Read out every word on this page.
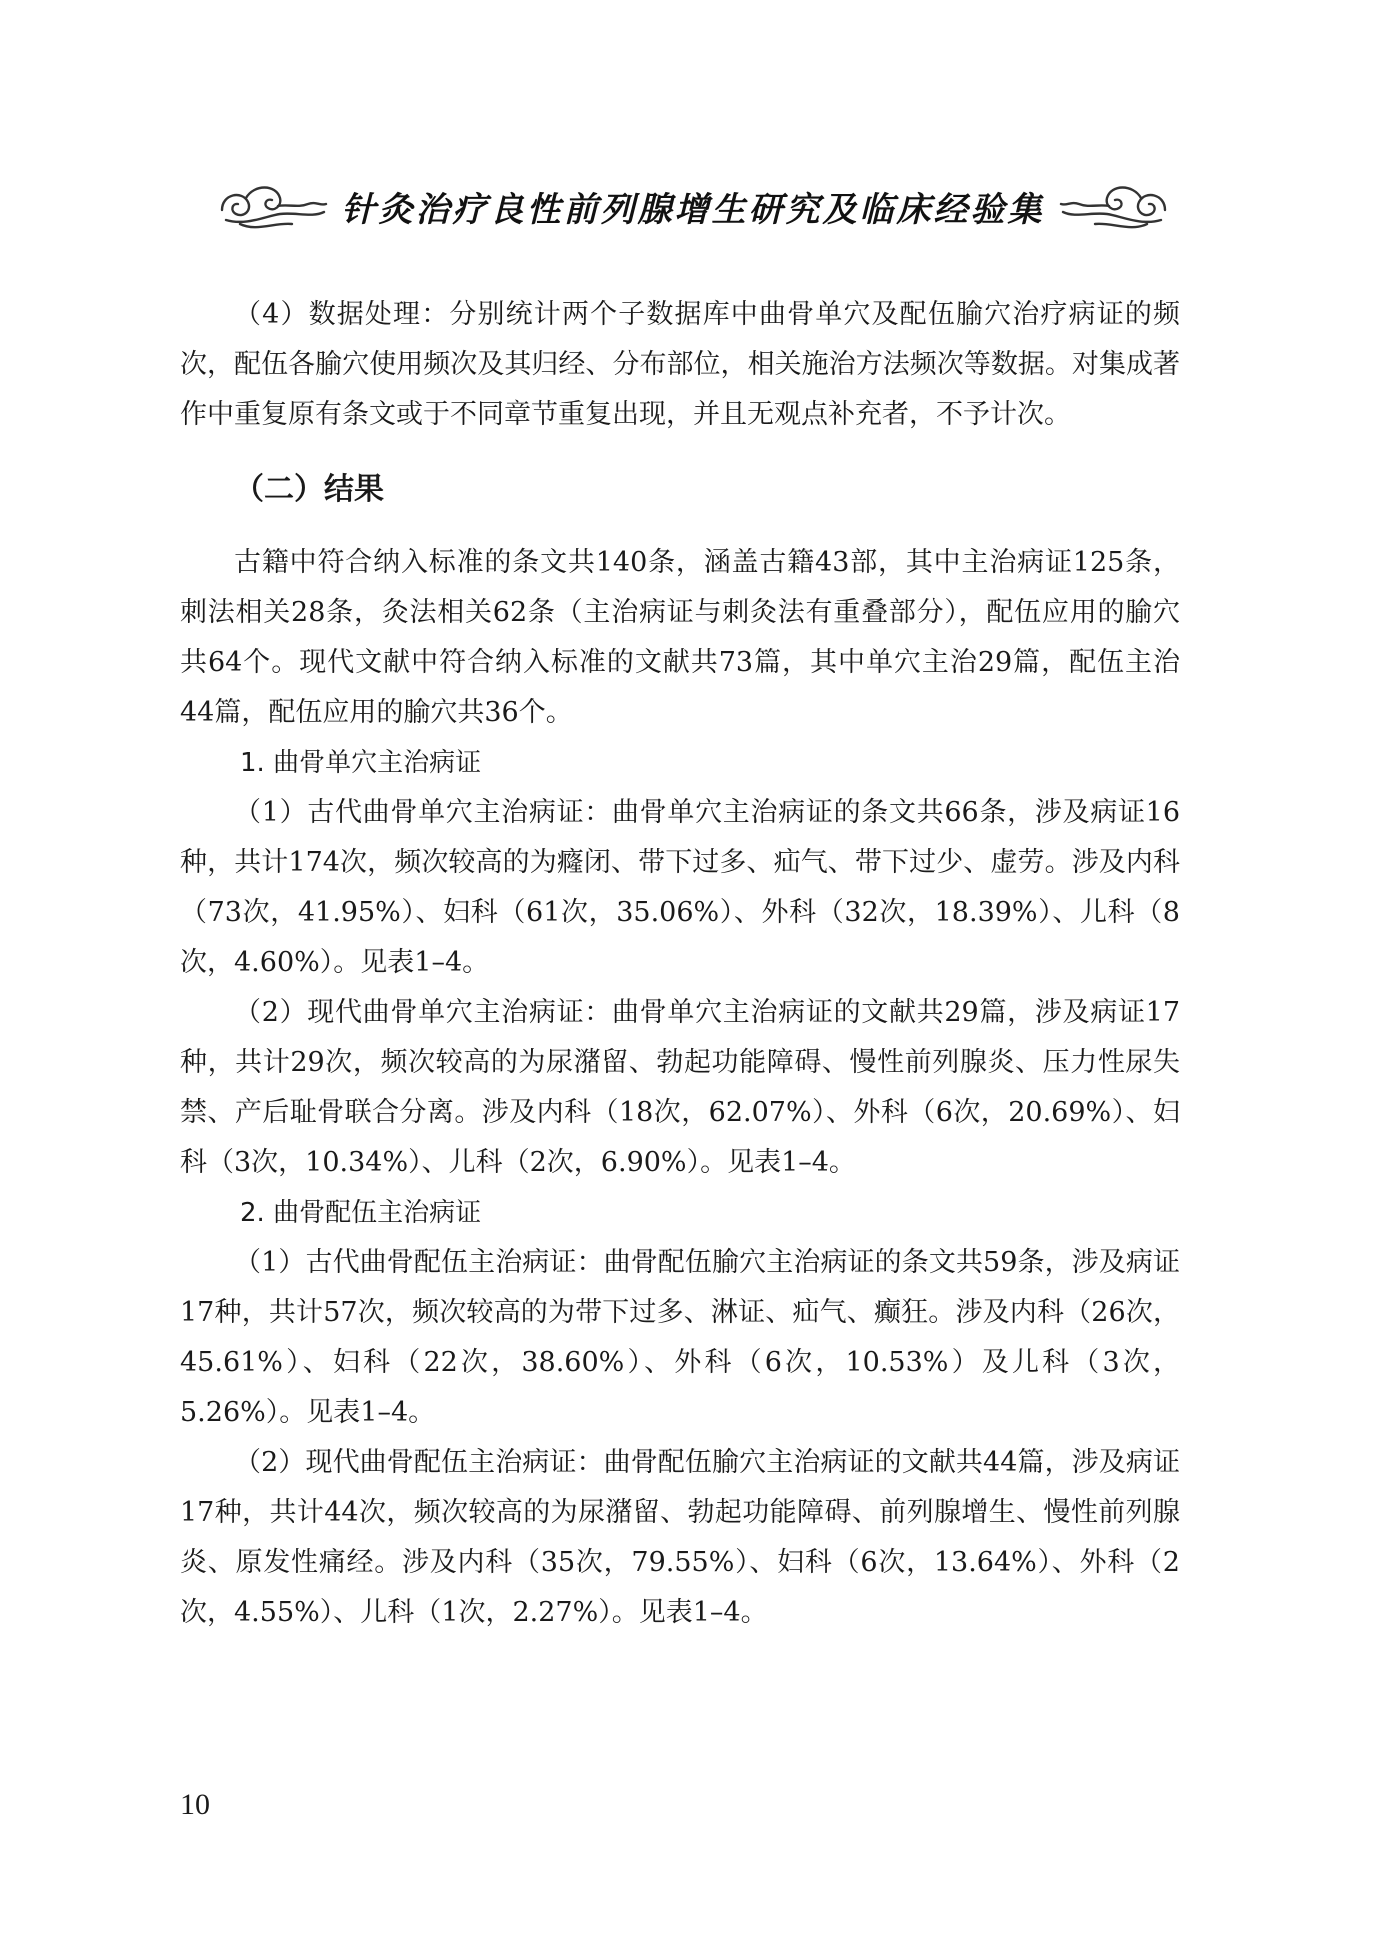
针灸治疗良性前列腺增生研究及临床经验集

（4）数据处理：分别统计两个子数据库中曲骨单穴及配伍腧穴治疗病证的频次，配伍各腧穴使用频次及其归经、分布部位，相关施治方法频次等数据。对集成著作中重复原有条文或于不同章节重复出现，并且无观点补充者，不予计次。

（二）结果

古籍中符合纳入标准的条文共140条，涵盖古籍43部，其中主治病证125条，刺法相关28条，灸法相关62条（主治病证与刺灸法有重叠部分），配伍应用的腧穴共64个。现代文献中符合纳入标准的文献共73篇，其中单穴主治29篇，配伍主治44篇，配伍应用的腧穴共36个。

1. 曲骨单穴主治病证

（1）古代曲骨单穴主治病证：曲骨单穴主治病证的条文共66条，涉及病证16种，共计174次，频次较高的为癃闭、带下过多、疝气、带下过少、虚劳。涉及内科（73次，41.95%）、妇科（61次，35.06%）、外科（32次，18.39%）、儿科（8次，4.60%）。见表1–4。

（2）现代曲骨单穴主治病证：曲骨单穴主治病证的文献共29篇，涉及病证17种，共计29次，频次较高的为尿潴留、勃起功能障碍、慢性前列腺炎、压力性尿失禁、产后耻骨联合分离。涉及内科（18次，62.07%）、外科（6次，20.69%）、妇科（3次，10.34%）、儿科（2次，6.90%）。见表1–4。

2. 曲骨配伍主治病证

（1）古代曲骨配伍主治病证：曲骨配伍腧穴主治病证的条文共59条，涉及病证17种，共计57次，频次较高的为带下过多、淋证、疝气、癫狂。涉及内科（26次，45.61%）、妇科（22次，38.60%）、外科（6次，10.53%）及儿科（3次，5.26%）。见表1–4。

（2）现代曲骨配伍主治病证：曲骨配伍腧穴主治病证的文献共44篇，涉及病证17种，共计44次，频次较高的为尿潴留、勃起功能障碍、前列腺增生、慢性前列腺炎、原发性痛经。涉及内科（35次，79.55%）、妇科（6次，13.64%）、外科（2次，4.55%）、儿科（1次，2.27%）。见表1–4。

10
